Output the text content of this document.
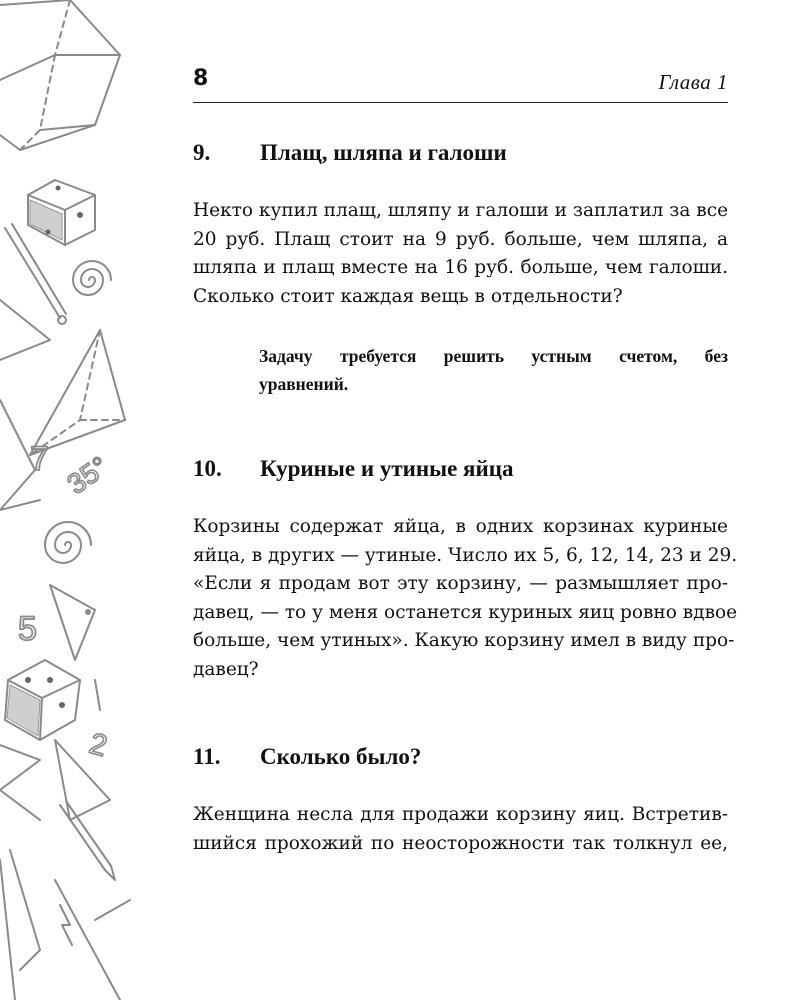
7 35°
5
2
8	Глава 1
9. Плащ, шляпа и галоши
Некто купил плащ, шляпу и галоши и заплатил за все
20 руб. Плащ стоит на 9 руб. больше, чем шляпа, а
шляпа и плащ вместе на 16 руб. больше, чем галоши.
Сколько стоит каждая вещь в отдельности?
Задачу требуется решить устным счетом, без
уравнений.
10. Куриные и утиные яйца
Корзины содержат яйца, в одних корзинах куриные
яйца, в других — утиные. Число их 5, 6, 12, 14, 23 и 29.
«Если я продам вот эту корзину, — размышляет про-
давец, — то у меня останется куриных яиц ровно вдвое
больше, чем утиных». Какую корзину имел в виду про-
давец?
11. Сколько было?
Женщина несла для продажи корзину яиц. Встретив-
шийся прохожий по неосторожности так толкнул ее,
